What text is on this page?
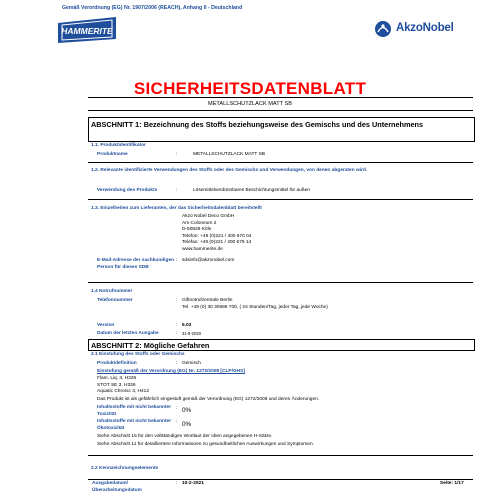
Gemäß Verordnung (EG) Nr. 1907/2006 (REACH), Anhang II - Deutschland
HAMMERITE	AkzoNobel
SICHERHEITSDATENBLATT
METALLSCHUTZLACK MATT SB
ABSCHNITT 1: Bezeichnung des Stoffs beziehungsweise des Gemischs und des Unternehmens
1.1. Produktidentifikator
Produktname	:	METALLSCHUTZLACK MATT SB
1.2. Relevante identifizierte Verwendungen des Stoffs oder des Gemischs und Verwendungen, von denen abgeraten wird.
Verwendung des Produkts	:	Lösemittelverdünnbares Beschichtungsmittel für außen
1.3. Einzelheiten zum Lieferanten, der das Sicherheitsdatenblatt bereitstellt
Akzo Nobel Deco GmbH
Am Coloneum 2
D-50829 Köln
Telefon: +49 (0)221 / 400 670 04
Telefax: +49 (0)221 / 400 679 14
www.hammerite.de
E-Mail-Adresse der sachkundigen Person für dieses SDB
: sdsinfo@akzonobel.com
1.4 Notrufnummer
Telefonnummer	: Giftnotrufzentrale Berlin
Tel. +49 (0) 30 30686 700, ( 24 Stunden/Tag, jeder Tag, jede Woche)
Version	: 6.03
Datum der letzten Ausgabe	: 31-8-2020
ABSCHNITT 2: Mögliche Gefahren
2.1 Einstufung des Stoffs oder Gemischs
Produktdefinition	: Gemisch
Einstufung gemäß der Verordnung (EG) Nr. 1272/2008 [CLP/GHS]
Flam. Liq. 3, H226
STOT SE 3, H336
Aquatic Chronic 3, H412
Das Produkt ist als gefährlich eingestuft gemäß der Verordnung (EG) 1272/2008 und deren Änderungen.
Inhaltsstoffe mit nicht bekannter Toxizität
: 0%
Inhaltsstoffe mit nicht bekannter Ökotoxizität
: 0%
Siehe Abschnitt 16 für den vollständigen Wortlaut der oben angegebenen H-Sätze.
Siehe Abschnitt 11 für detailliertere Informationen zu gesundheitlichen Auswirkungen und Symptomen.
2.2 Kennzeichnungselemente
Ausgabedatum/ Überarbeitungsdatum
: 10-2-2021	Seite: 1/17
